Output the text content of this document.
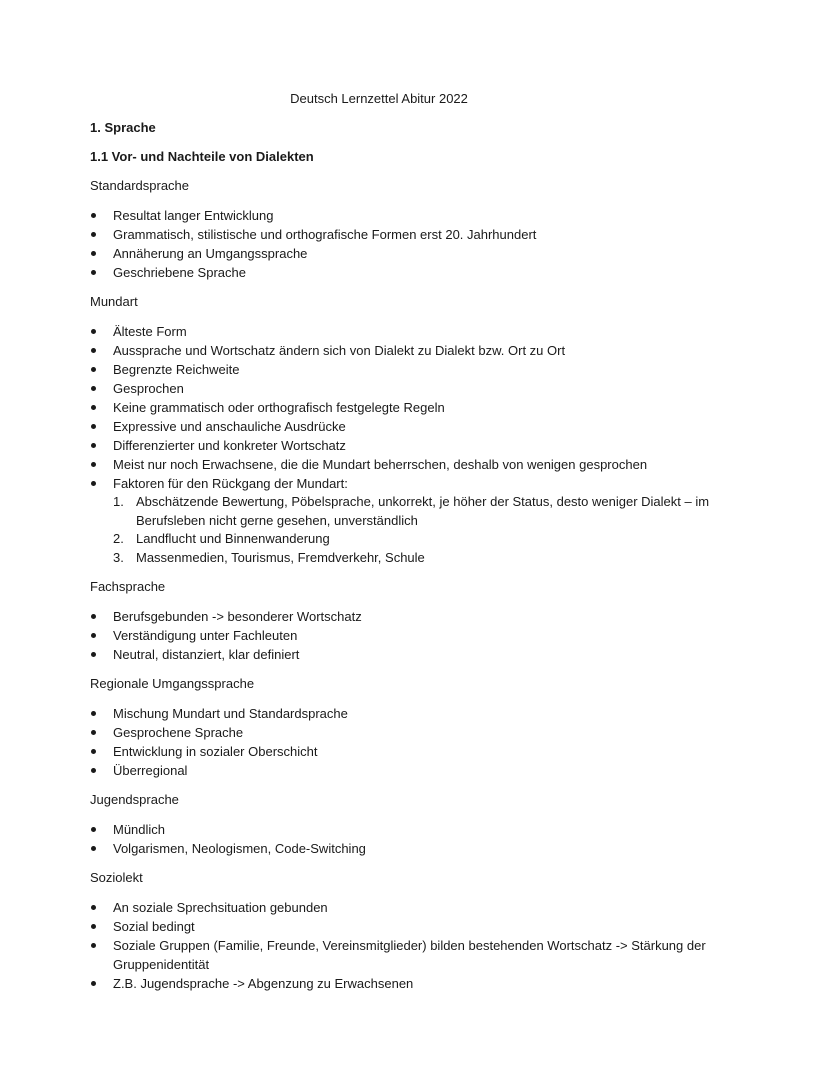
Deutsch Lernzettel Abitur 2022
1. Sprache
1.1 Vor- und Nachteile von Dialekten
Standardsprache
Resultat langer Entwicklung
Grammatisch, stilistische und orthografische Formen erst 20. Jahrhundert
Annäherung an Umgangssprache
Geschriebene Sprache
Mundart
Älteste Form
Aussprache und Wortschatz ändern sich von Dialekt zu Dialekt bzw. Ort zu Ort
Begrenzte Reichweite
Gesprochen
Keine grammatisch oder orthografisch festgelegte Regeln
Expressive und anschauliche Ausdrücke
Differenzierter und konkreter Wortschatz
Meist nur noch Erwachsene, die die Mundart beherrschen, deshalb von wenigen gesprochen
Faktoren für den Rückgang der Mundart:
1. Abschätzende Bewertung, Pöbelsprache, unkorrekt, je höher der Status, desto weniger Dialekt – im Berufsleben nicht gerne gesehen, unverständlich
2. Landflucht und Binnenwanderung
3. Massenmedien, Tourismus, Fremdverkehr, Schule
Fachsprache
Berufsgebunden -> besonderer Wortschatz
Verständigung unter Fachleuten
Neutral, distanziert, klar definiert
Regionale Umgangssprache
Mischung Mundart und Standardsprache
Gesprochene Sprache
Entwicklung in sozialer Oberschicht
Überregional
Jugendsprache
Mündlich
Volgarismen, Neologismen, Code-Switching
Soziolekt
An soziale Sprechsituation gebunden
Sozial bedingt
Soziale Gruppen (Familie, Freunde, Vereinsmitglieder) bilden bestehenden Wortschatz -> Stärkung der Gruppenidentität
Z.B. Jugendsprache -> Abgenzung zu Erwachsenen
